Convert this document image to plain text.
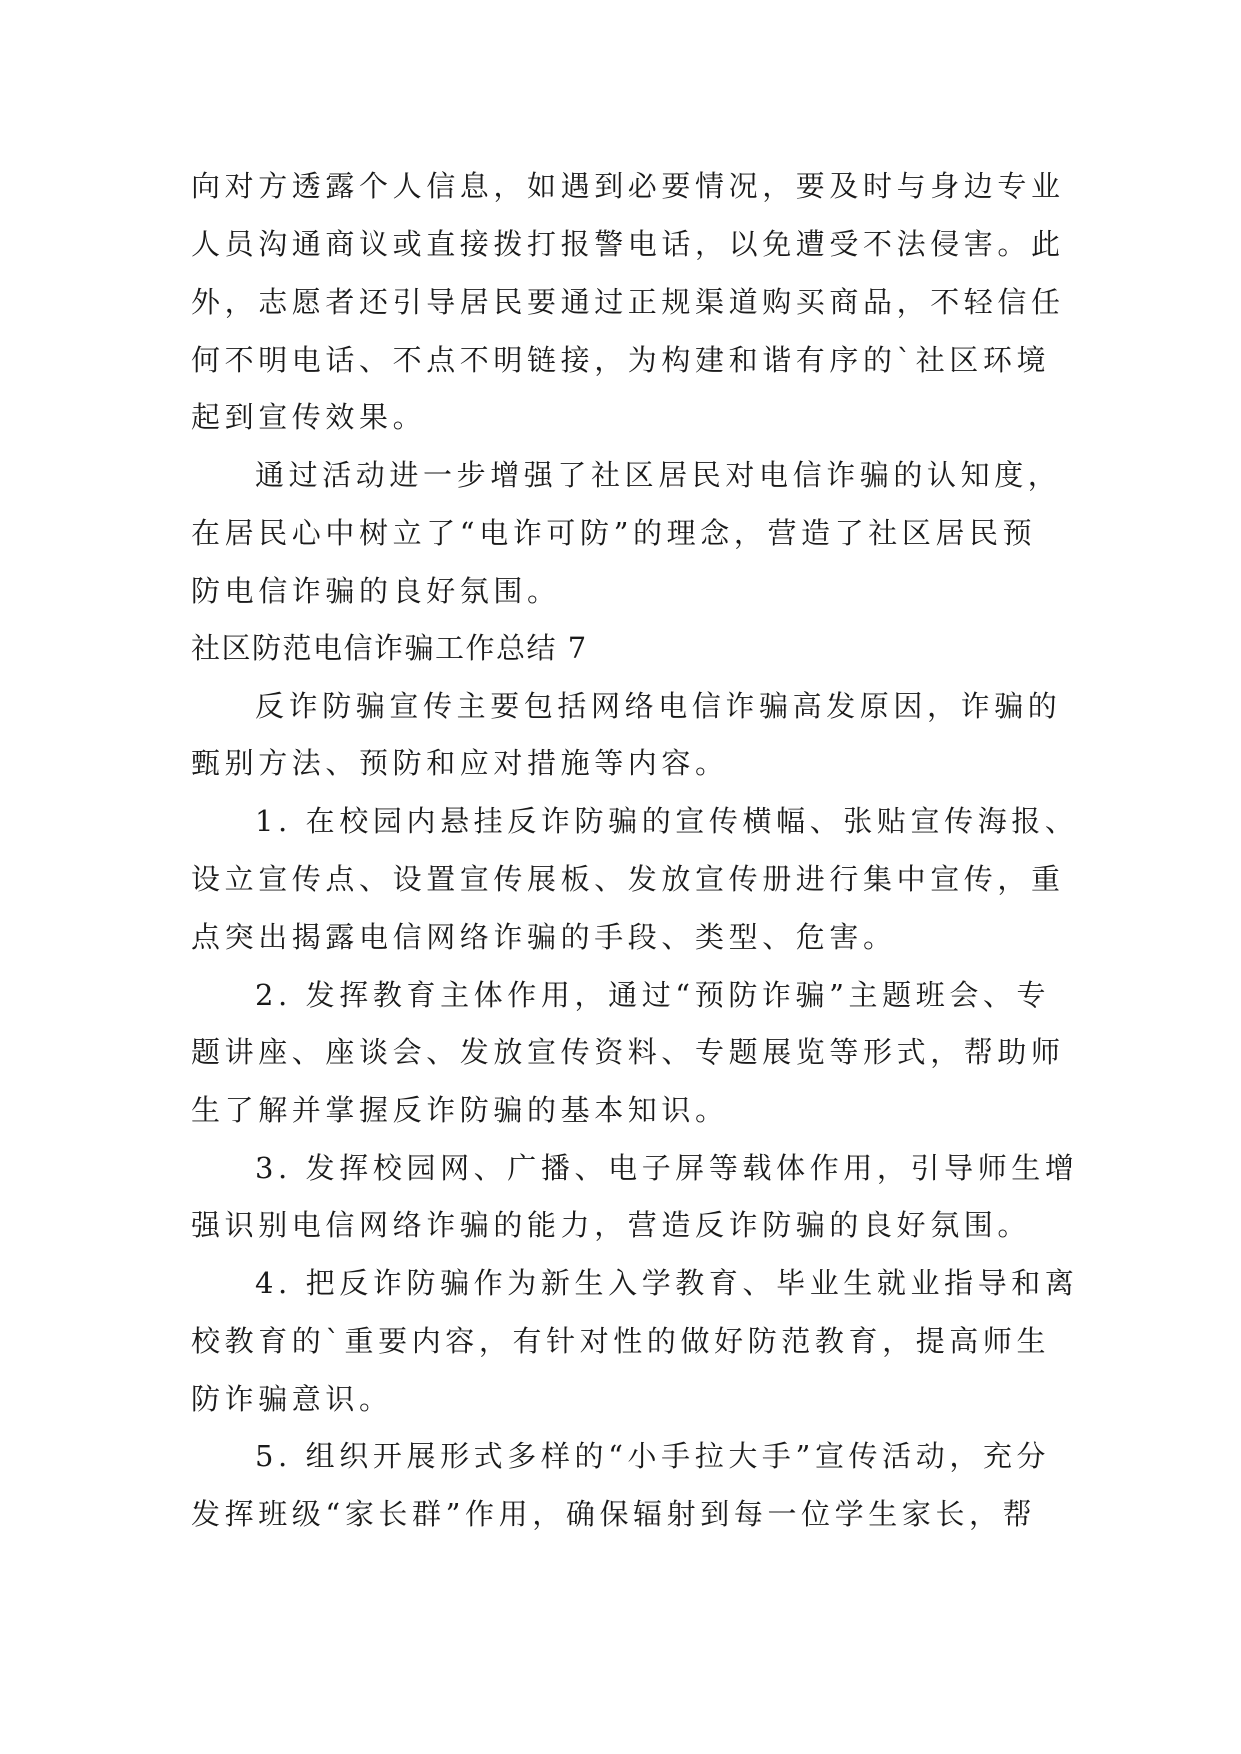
向对方透露个人信息，如遇到必要情况，要及时与身边专业
人员沟通商议或直接拨打报警电话，以免遭受不法侵害。此
外，志愿者还引导居民要通过正规渠道购买商品，不轻信任
何不明电话、不点不明链接，为构建和谐有序的`社区环境
起到宣传效果。
通过活动进一步增强了社区居民对电信诈骗的认知度，
在居民心中树立了“电诈可防”的理念，营造了社区居民预
防电信诈骗的良好氛围。
社区防范电信诈骗工作总结 7
反诈防骗宣传主要包括网络电信诈骗高发原因，诈骗的
甄别方法、预防和应对措施等内容。
1. 在校园内悬挂反诈防骗的宣传横幅、张贴宣传海报、
设立宣传点、设置宣传展板、发放宣传册进行集中宣传，重
点突出揭露电信网络诈骗的手段、类型、危害。
2. 发挥教育主体作用，通过“预防诈骗”主题班会、专
题讲座、座谈会、发放宣传资料、专题展览等形式，帮助师
生了解并掌握反诈防骗的基本知识。
3. 发挥校园网、广播、电子屏等载体作用，引导师生增
强识别电信网络诈骗的能力，营造反诈防骗的良好氛围。
4. 把反诈防骗作为新生入学教育、毕业生就业指导和离
校教育的`重要内容，有针对性的做好防范教育，提高师生
防诈骗意识。
5. 组织开展形式多样的“小手拉大手”宣传活动，充分
发挥班级“家长群”作用，确保辐射到每一位学生家长，帮
